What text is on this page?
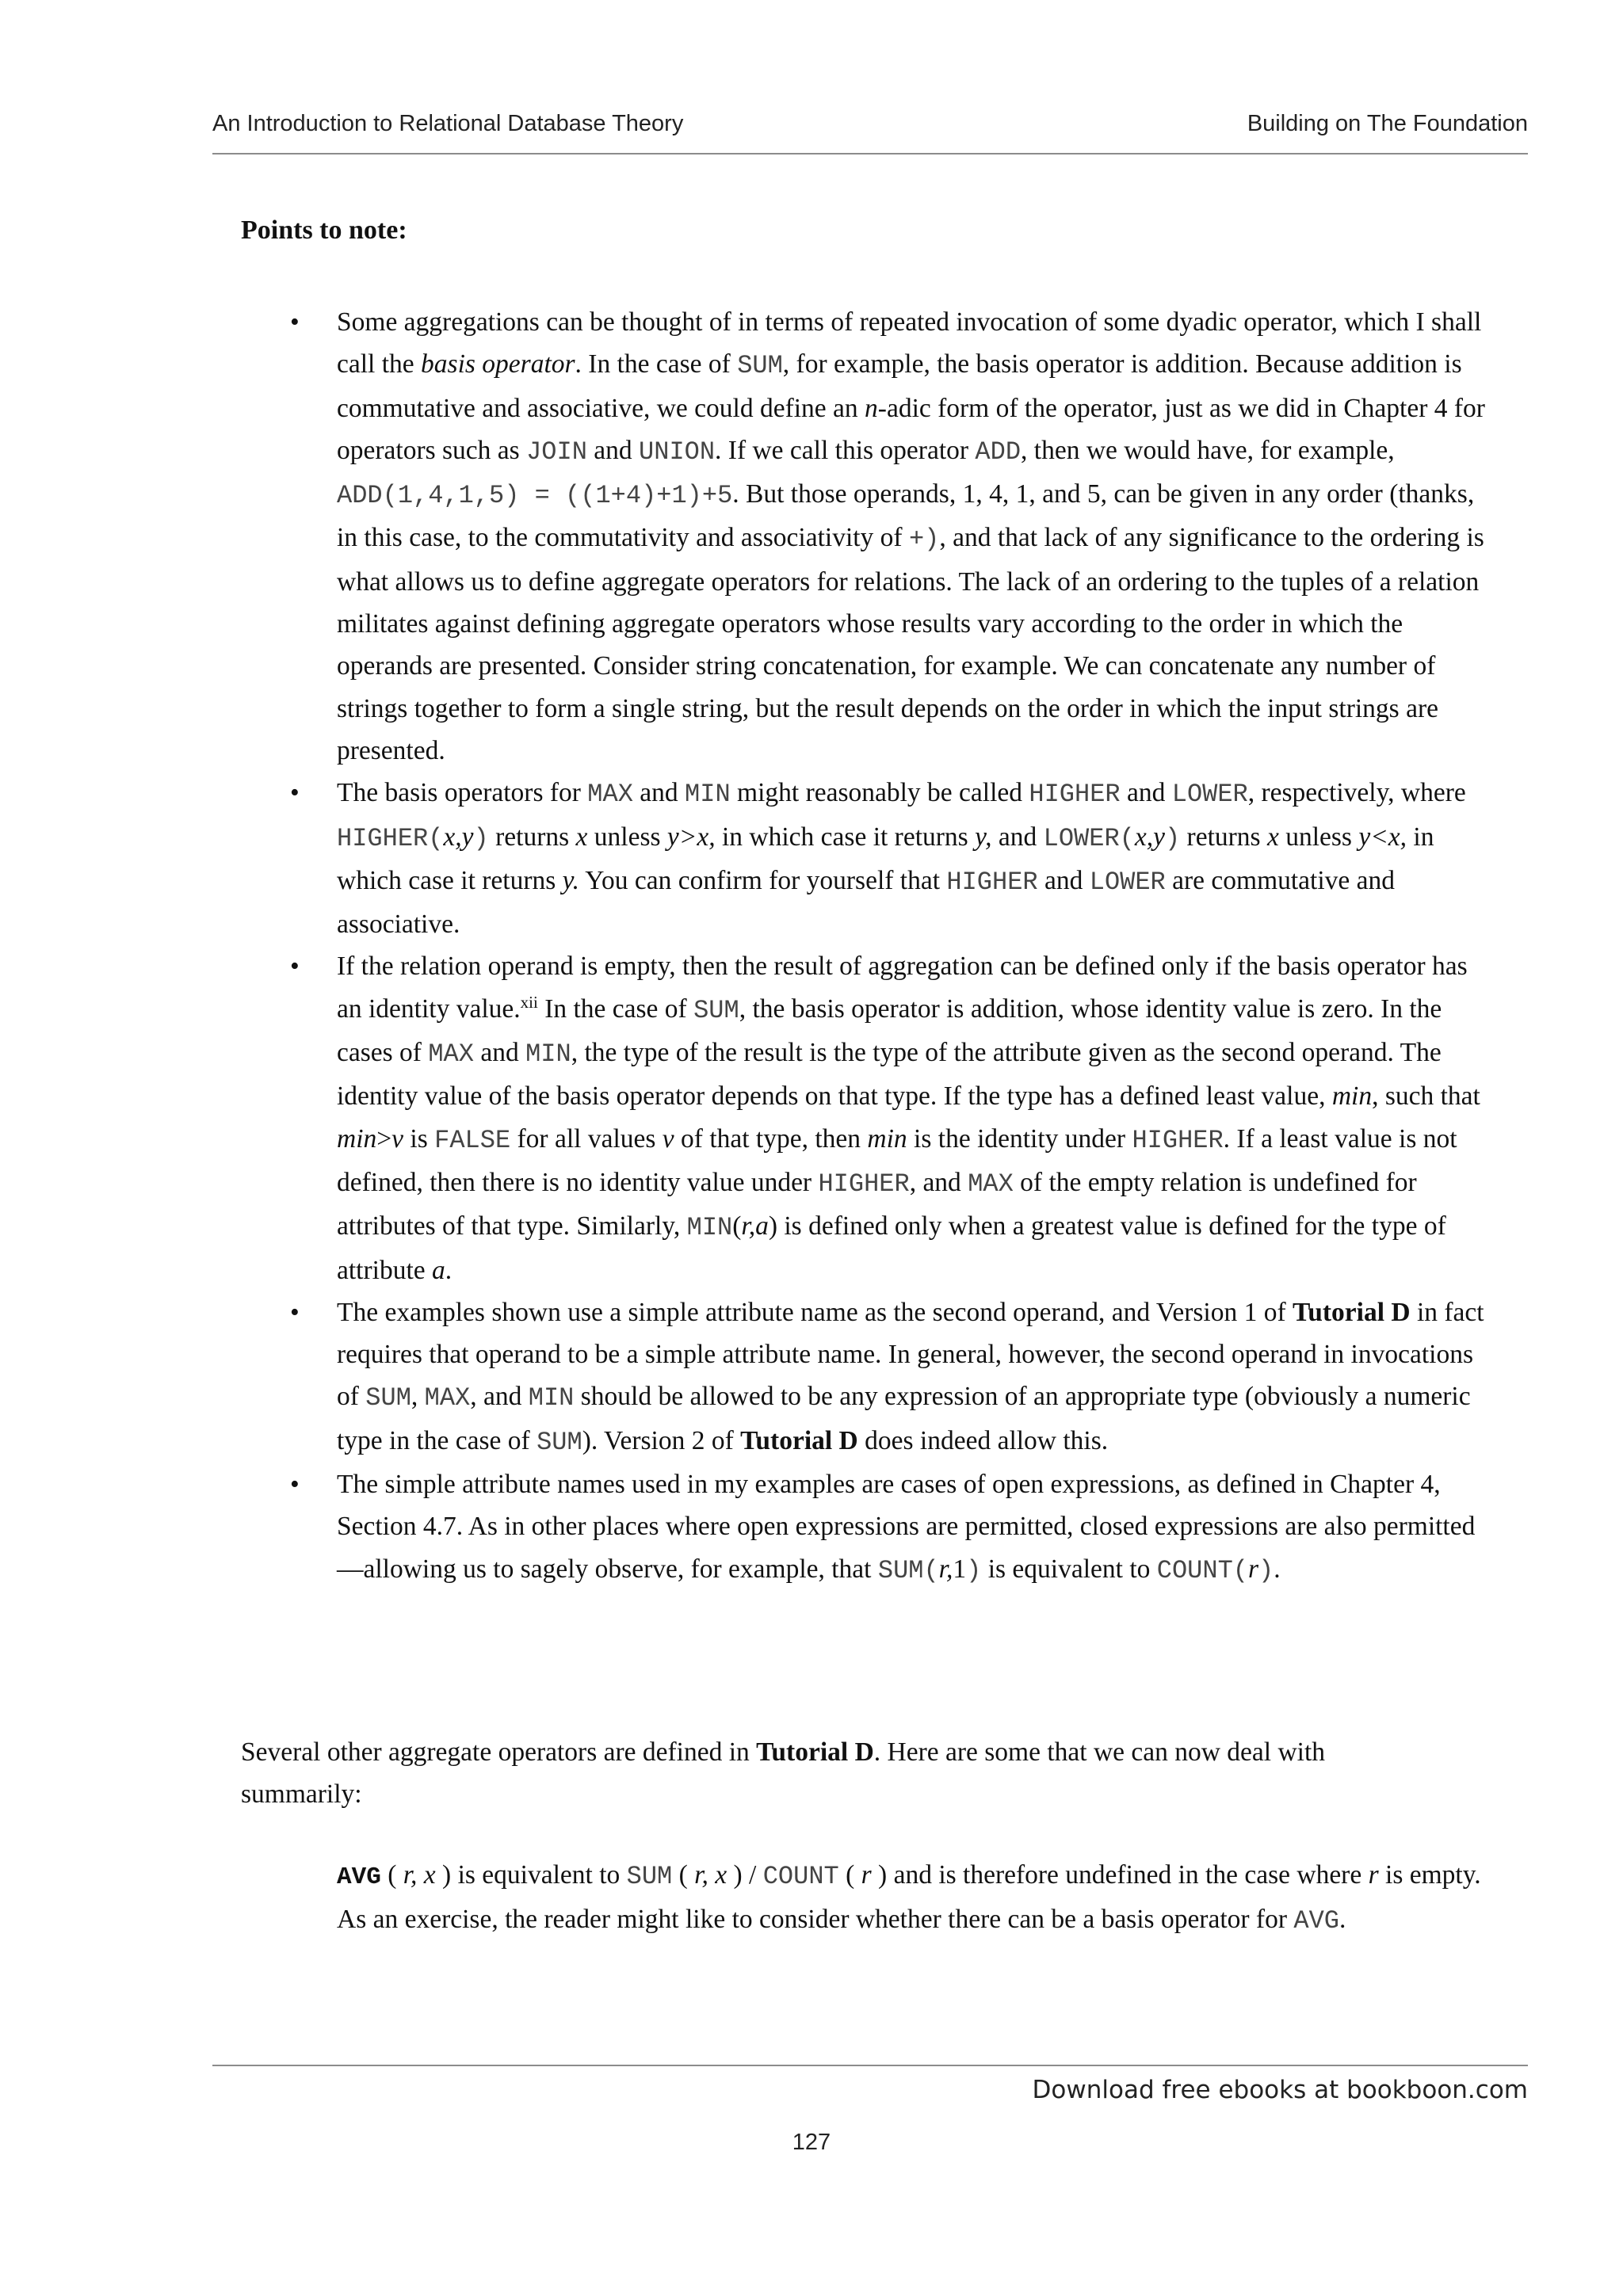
An Introduction to Relational Database Theory	Building on The Foundation
Points to note:
• Some aggregations can be thought of in terms of repeated invocation of some dyadic operator, which I shall call the basis operator. In the case of SUM, for example, the basis operator is addition. Because addition is commutative and associative, we could define an n-adic form of the operator, just as we did in Chapter 4 for operators such as JOIN and UNION. If we call this operator ADD, then we would have, for example, ADD(1,4,1,5) = ((1+4)+1)+5. But those operands, 1, 4, 1, and 5, can be given in any order (thanks, in this case, to the commutativity and associativity of +), and that lack of any significance to the ordering is what allows us to define aggregate operators for relations. The lack of an ordering to the tuples of a relation militates against defining aggregate operators whose results vary according to the order in which the operands are presented. Consider string concatenation, for example. We can concatenate any number of strings together to form a single string, but the result depends on the order in which the input strings are presented.
• The basis operators for MAX and MIN might reasonably be called HIGHER and LOWER, respectively, where HIGHER(x,y) returns x unless y>x, in which case it returns y, and LOWER(x,y) returns x unless y<x, in which case it returns y. You can confirm for yourself that HIGHER and LOWER are commutative and associative.
• If the relation operand is empty, then the result of aggregation can be defined only if the basis operator has an identity value.$^{xii}$ In the case of SUM, the basis operator is addition, whose identity value is zero. In the cases of MAX and MIN, the type of the result is the type of the attribute given as the second operand. The identity value of the basis operator depends on that type. If the type has a defined least value, min, such that min>v is FALSE for all values v of that type, then min is the identity under HIGHER. If a least value is not defined, then there is no identity value under HIGHER, and MAX of the empty relation is undefined for attributes of that type. Similarly, MIN(r,a) is defined only when a greatest value is defined for the type of attribute a.
• The examples shown use a simple attribute name as the second operand, and Version 1 of Tutorial D in fact requires that operand to be a simple attribute name. In general, however, the second operand in invocations of SUM, MAX, and MIN should be allowed to be any expression of an appropriate type (obviously a numeric type in the case of SUM). Version 2 of Tutorial D does indeed allow this.
• The simple attribute names used in my examples are cases of open expressions, as defined in Chapter 4, Section 4.7. As in other places where open expressions are permitted, closed expressions are also permitted—allowing us to sagely observe, for example, that SUM(r,1) is equivalent to COUNT(r).
Several other aggregate operators are defined in Tutorial D. Here are some that we can now deal with summarily:
AVG ( r, x ) is equivalent to SUM ( r, x ) / COUNT ( r ) and is therefore undefined in the case where r is empty. As an exercise, the reader might like to consider whether there can be a basis operator for AVG.
Download free ebooks at bookboon.com
127
